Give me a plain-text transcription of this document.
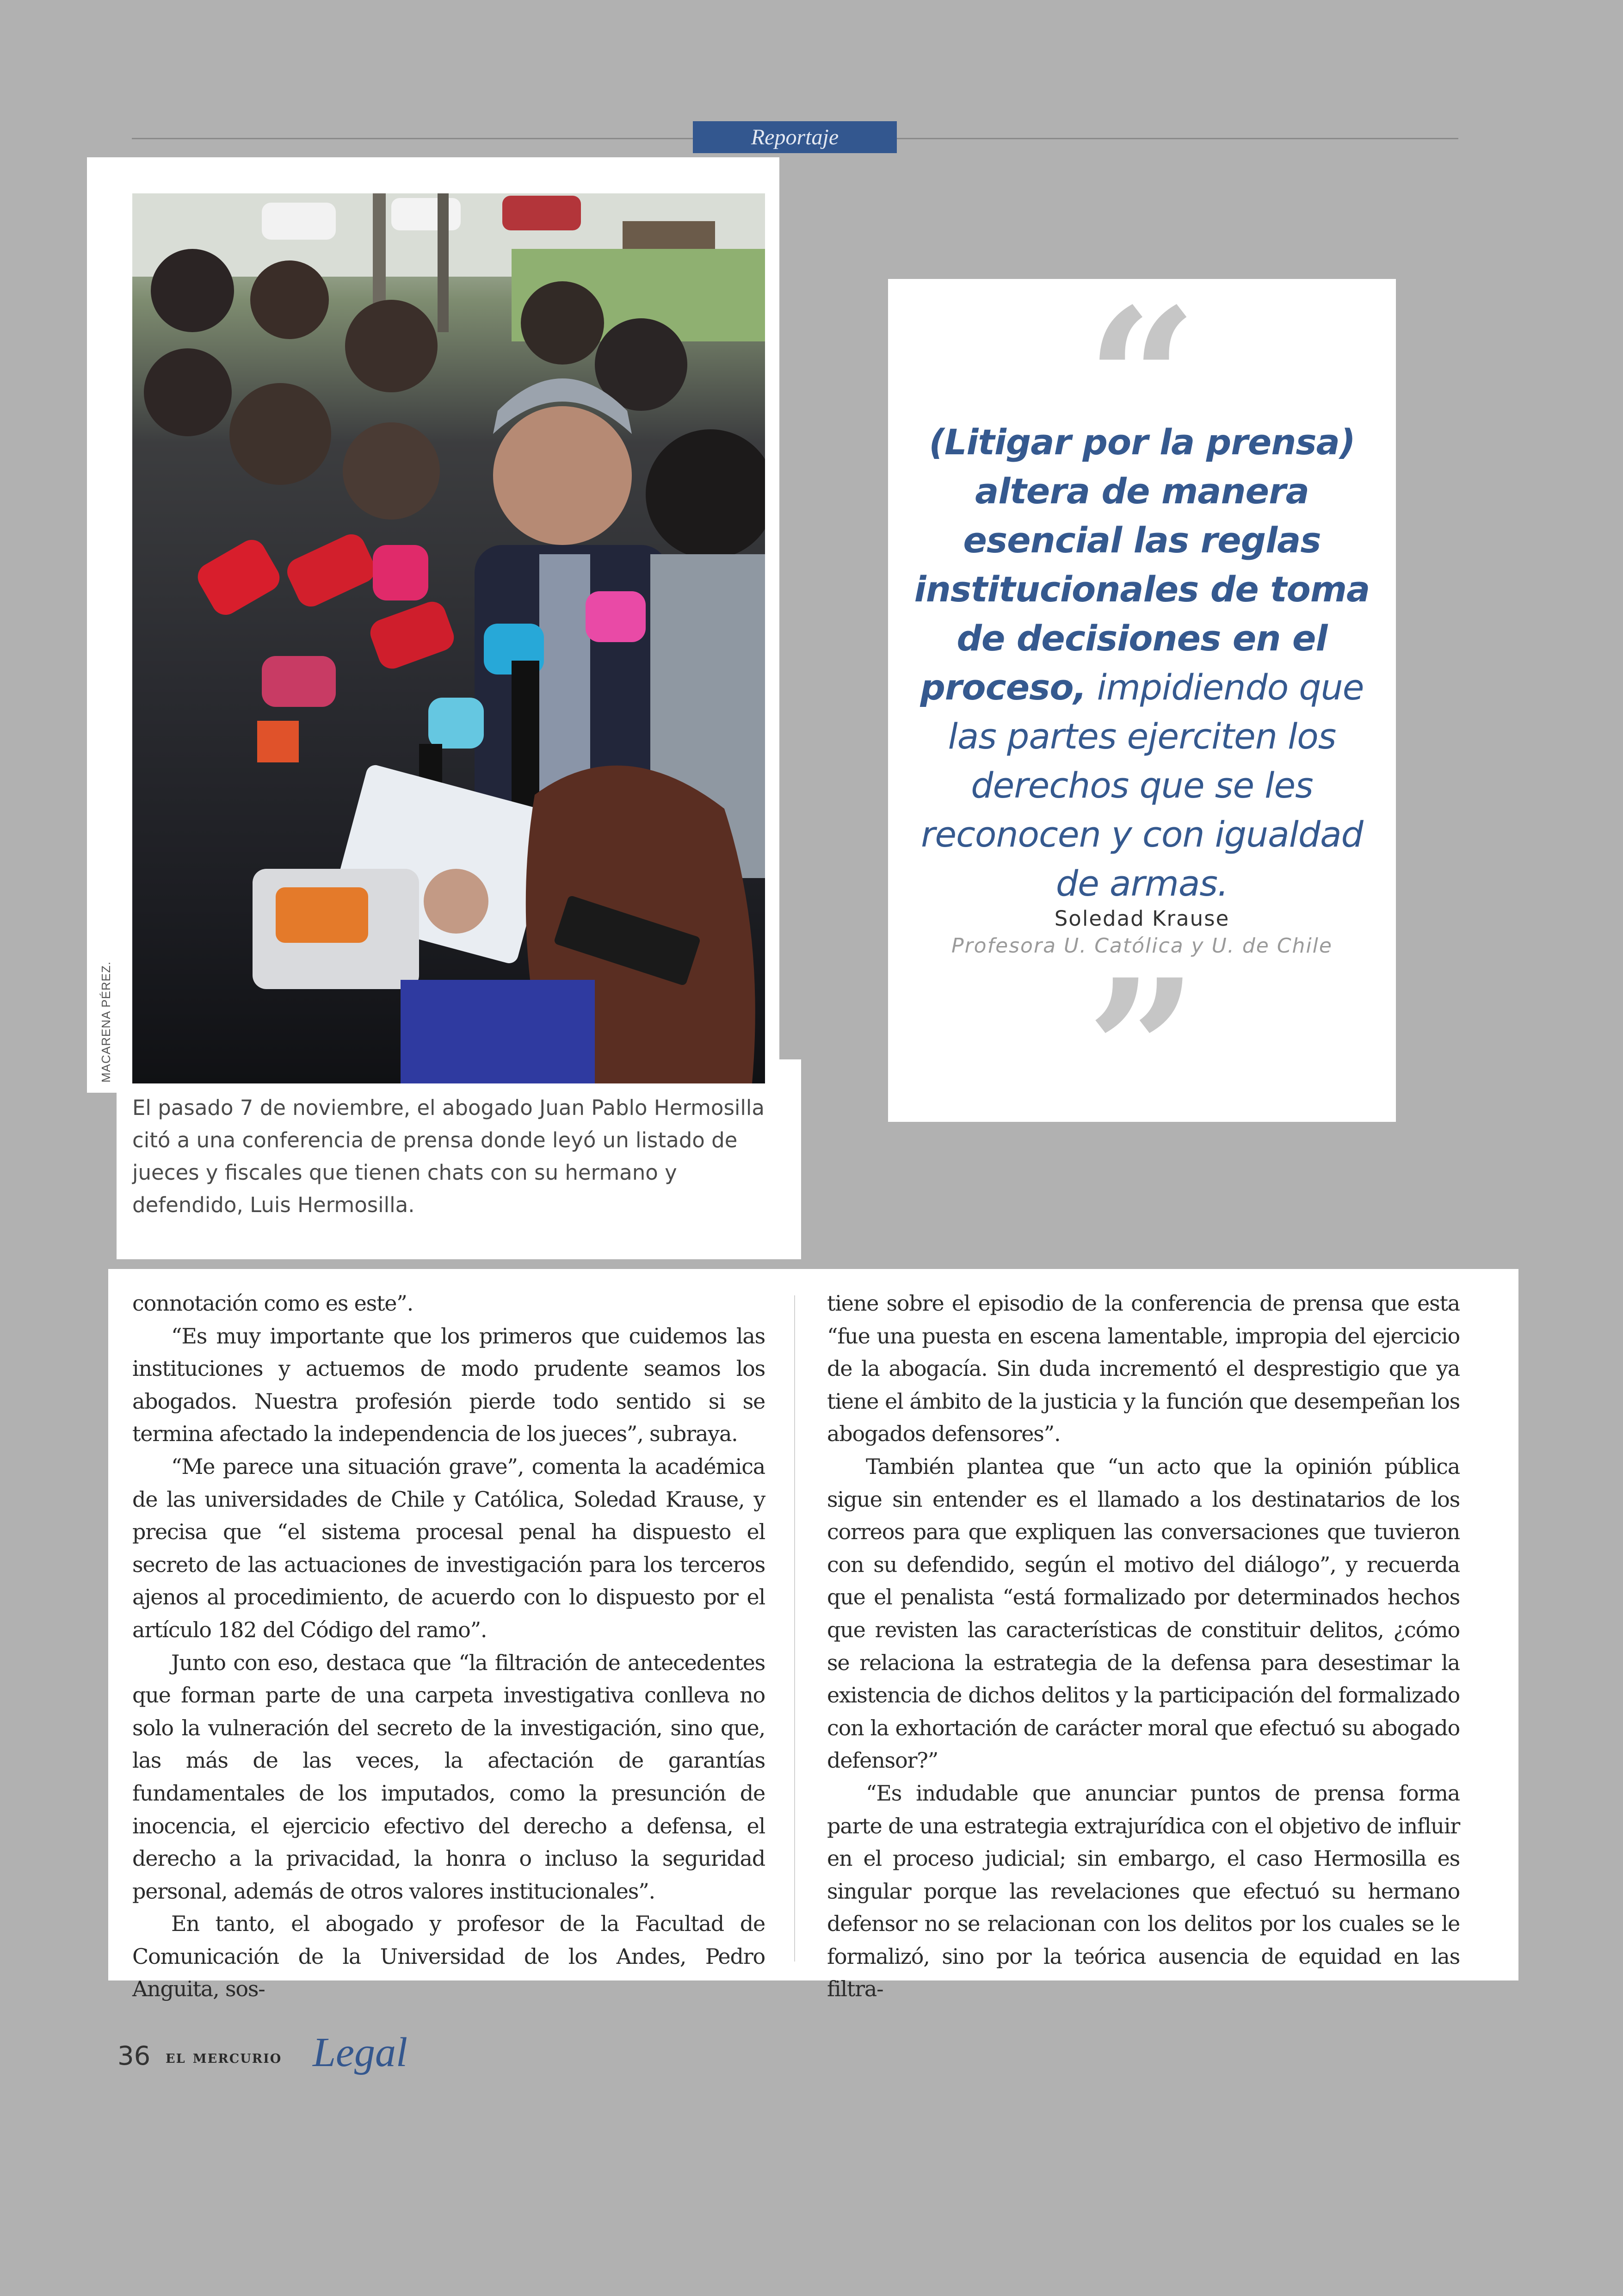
Reportaje
MACARENA PÉREZ.
El pasado 7 de noviembre, el abogado Juan Pablo Hermosilla citó a una conferencia de prensa donde leyó un listado de jueces y fiscales que tienen chats con su hermano y defendido, Luis Hermosilla.
“
(Litigar por la prensa) altera de manera esencial las reglas institucionales de toma de decisiones en el proceso, impidiendo que las partes ejerciten los derechos que se les reconocen y con igualdad de armas.
Soledad Krause
Profesora U. Católica y U. de Chile
”

connotación como es este”.

“Es muy importante que los primeros que cuidemos las instituciones y actuemos de modo prudente seamos los abogados. Nuestra profesión pierde todo sentido si se termina afectado la independencia de los jueces”, subraya.

“Me parece una situación grave”, comenta la académica de las universidades de Chile y Católica, Soledad Krause, y precisa que “el sistema procesal penal ha dispuesto el secreto de las actuaciones de investigación para los terceros ajenos al procedimiento, de acuerdo con lo dispuesto por el artículo 182 del Código del ramo”.

Junto con eso, destaca que “la filtración de antecedentes que forman parte de una carpeta investigativa conlleva no solo la vulneración del secreto de la investigación, sino que, las más de las veces, la afectación de garantías fundamentales de los imputados, como la presunción de inocencia, el ejercicio efectivo del derecho a defensa, el derecho a la privacidad, la honra o incluso la seguridad personal, además de otros valores institucionales”.

En tanto, el abogado y profesor de la Facultad de Comunicación de la Universidad de los Andes, Pedro Anguita, sos-

tiene sobre el episodio de la conferencia de prensa que esta “fue una puesta en escena lamentable, impropia del ejercicio de la abogacía. Sin duda incrementó el desprestigio que ya tiene el ámbito de la justicia y la función que desempeñan los abogados defensores”.

También plantea que “un acto que la opinión pública sigue sin entender es el llamado a los destinatarios de los correos para que expliquen las conversaciones que tuvieron con su defendido, según el motivo del diálogo”, y recuerda que el penalista “está formalizado por determinados hechos que revisten las características de constituir delitos, ¿cómo se relaciona la estrategia de la defensa para desestimar la existencia de dichos delitos y la participación del formalizado con la exhortación de carácter moral que efectuó su abogado defensor?”

“Es indudable que anunciar puntos de prensa forma parte de una estrategia extrajurídica con el objetivo de influir en el proceso judicial; sin embargo, el caso Hermosilla es singular porque las revelaciones que efectuó su hermano defensor no se relacionan con los delitos por los cuales se le formalizó, sino por la teórica ausencia de equidad en las filtra-

36 el mercurio Legal
